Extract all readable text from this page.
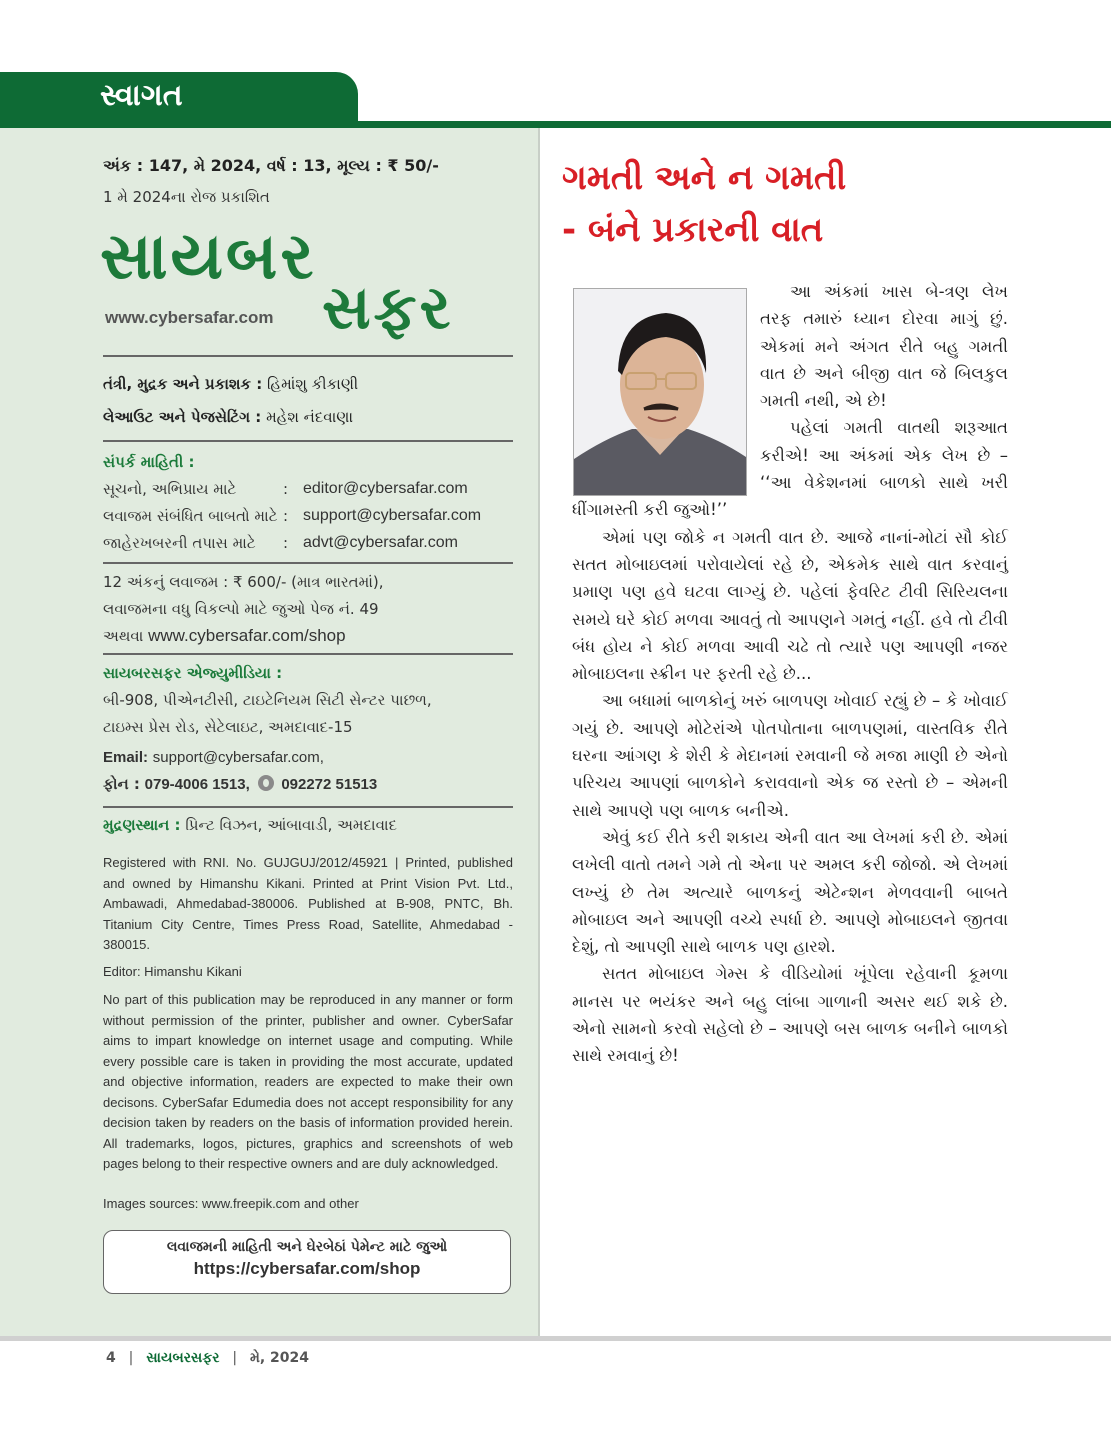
સ્વાગત
અંક : 147, મે 2024, વર્ષ : 13, મૂલ્ય : ₹ 50/-
1 મે 2024ના રોજ પ્રકાશિત
સાયબર
સફર
www.cybersafar.com
તંત્રી, મુદ્રક અને પ્રકાશક : હિમાંશુ કીકાણી
લેઆઉટ અને પેજસેટિંગ : મહેશ નંદવાણા
સંપર્ક માહિતી :
સૂચનો, અભિપ્રાય માટે	: editor@cybersafar.com
લવાજમ સંબંધિત બાબતો માટે : support@cybersafar.com
જાહેરખબરની તપાસ માટે : advt@cybersafar.com
12 અંકનું લવાજમ : ₹ 600/- (માત્ર ભારતમાં),
લવાજમના વધુ વિકલ્પો માટે જુઓ પેજ નં. 49
અથવા www.cybersafar.com/shop
સાયબરસફર એજ્યુમીડિયા :
બી-908, પીએનટીસી, ટાઇટેનિયમ સિટી સેન્ટર પાછળ,
ટાઇમ્સ પ્રેસ રોડ, સેટેલાઇટ, અમદાવાદ-15
Email: support@cybersafar.com,
ફોન : 079-4006 1513, 092272 51513
મુદ્રણસ્થાન : પ્રિન્ટ વિઝન, આંબાવાડી, અમદાવાદ
Registered with RNI. No. GUJGUJ/2012/45921 | Printed, published and owned by Himanshu Kikani. Printed at Print Vision Pvt. Ltd., Ambawadi, Ahmedabad-380006. Published at B-908, PNTC, Bh. Titanium City Centre, Times Press Road, Satellite, Ahmedabad - 380015.
Editor: Himanshu Kikani
No part of this publication may be reproduced in any manner or form without permission of the printer, publisher and owner. CyberSafar aims to impart knowledge on internet usage and computing. While every possible care is taken in providing the most accurate, updated and objective information, readers are expected to make their own decisons. CyberSafar Edumedia does not accept responsibility for any decision taken by readers on the basis of information provided herein. All trademarks, logos, pictures, graphics and screenshots of web pages belong to their respective owners and are duly acknowledged.
Images sources: www.freepik.com and other
લવાજમની માહિતી અને ઘેરબેઠાં પેમેન્ટ માટે જુઓ
https://cybersafar.com/shop
ગમતી અને ન ગમતી
- બંને પ્રકારની વાત

આ અંકમાં ખાસ બે-ત્રણ લેખ તરફ તમારું ધ્યાન દોરવા માગું છું. એકમાં મને અંગત રીતે બહુ ગમતી વાત છે અને બીજી વાત જે બિલકુલ ગમતી નથી, એ છે!

પહેલાં ગમતી વાતથી શરૂઆત કરીએ! આ અંકમાં એક લેખ છે – ‘‘આ વેકેશનમાં બાળકો સાથે ખરી ધીંગામસ્તી કરી જુઓ!’’

એમાં પણ જોકે ન ગમતી વાત છે. આજે નાનાં-મોટાં સૌ કોઈ સતત મોબાઇલમાં પરોવાયેલાં રહે છે, એકમેક સાથે વાત કરવાનું પ્રમાણ પણ હવે ઘટવા લાગ્યું છે. પહેલાં ફેવરિટ ટીવી સિરિયલના સમયે ઘરે કોઈ મળવા આવતું તો આપણને ગમતું નહીં. હવે તો ટીવી બંધ હોય ને કોઈ મળવા આવી ચઢે તો ત્યારે પણ આપણી નજર મોબાઇલના સ્ક્રીન પર ફરતી રહે છે...

આ બધામાં બાળકોનું ખરું બાળપણ ખોવાઈ રહ્યું છે – કે ખોવાઈ ગયું છે. આપણે મોટેરાંએ પોતપોતાના બાળપણમાં, વાસ્તવિક રીતે ઘરના આંગણ કે શેરી કે મેદાનમાં રમવાની જે મજા માણી છે એનો પરિચય આપણાં બાળકોને કરાવવાનો એક જ રસ્તો છે – એમની સાથે આપણે પણ બાળક બનીએ.

એવું કઈ રીતે કરી શકાય એની વાત આ લેખમાં કરી છે. એમાં લખેલી વાતો તમને ગમે તો એના પર અમલ કરી જોજો. એ લેખમાં લખ્યું છે તેમ અત્યારે બાળકનું એટેન્શન મેળવવાની બાબતે મોબાઇલ અને આપણી વચ્ચે સ્પર્ધા છે. આપણે મોબાઇલને જીતવા દેશું, તો આપણી સાથે બાળક પણ હારશે.

સતત મોબાઇલ ગેમ્સ કે વીડિયોમાં ખૂંપેલા રહેવાની કૂમળા માનસ પર ભયંકર અને બહુ લાંબા ગાળાની અસર થઈ શકે છે. એનો સામનો કરવો સહેલો છે – આપણે બસ બાળક બનીને બાળકો સાથે રમવાનું છે!

4 | સાયબરસફર | મે, 2024
